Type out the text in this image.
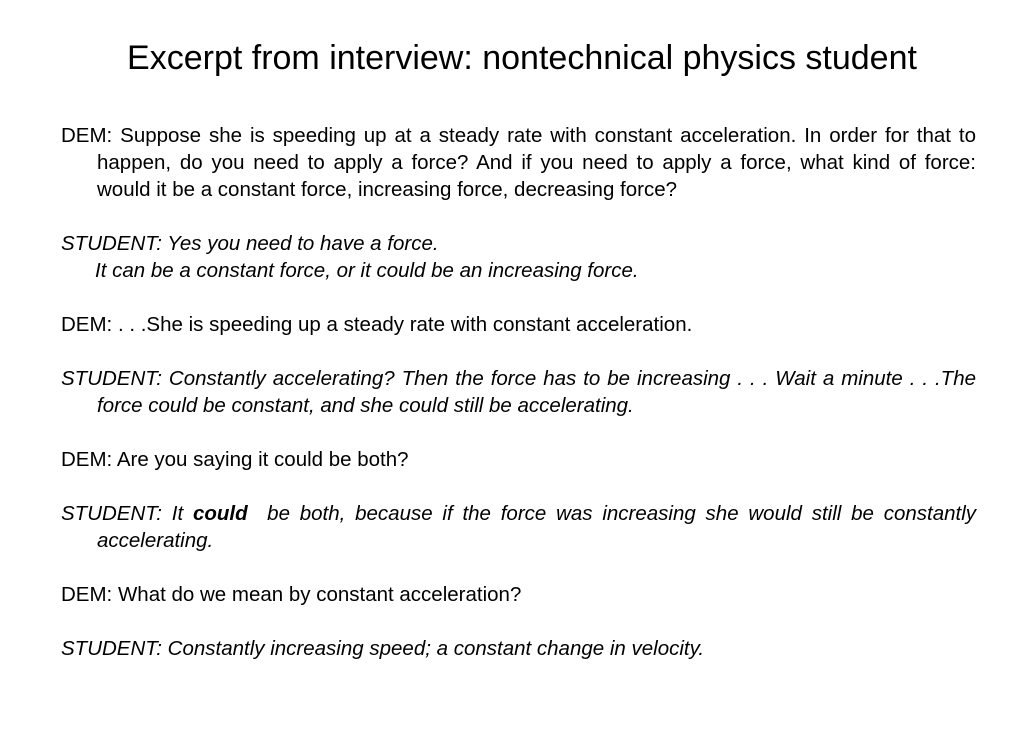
Excerpt from interview: nontechnical physics student

DEM: Suppose she is speeding up at a steady rate with constant acceleration. In order for that to happen, do you need to apply a force? And if you need to apply a force, what kind of force: would it be a constant force, increasing force, decreasing force?

STUDENT: Yes you need to have a force.
It can be a constant force, or it could be an increasing force.

DEM: . . .She is speeding up a steady rate with constant acceleration.

STUDENT: Constantly accelerating? Then the force has to be increasing . . . Wait a minute . . .The force could be constant, and she could still be accelerating.

DEM: Are you saying it could be both?

STUDENT: It could  be both, because if the force was increasing she would still be constantly accelerating.

DEM: What do we mean by constant acceleration?

STUDENT: Constantly increasing speed; a constant change in velocity.
